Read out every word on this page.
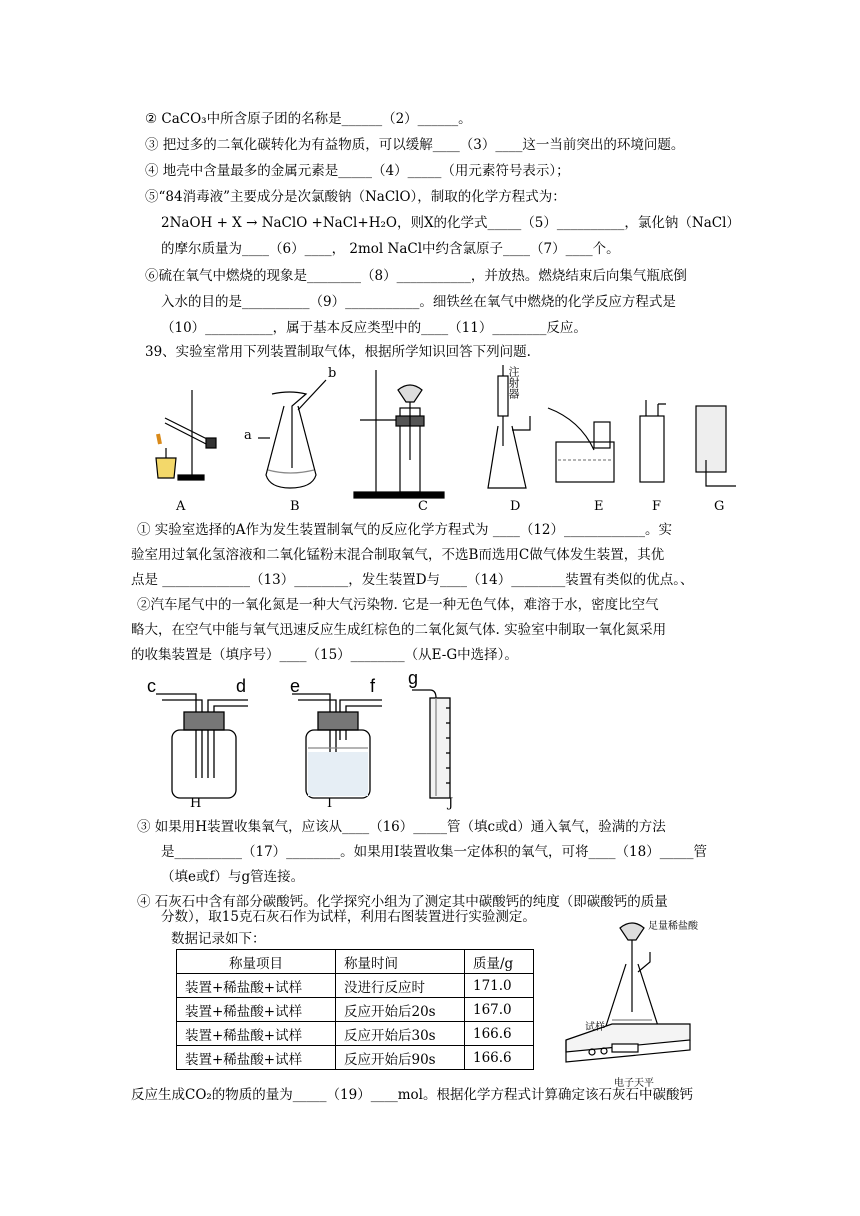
② CaCO₃中所含原子团的名称是______（2）______。
③ 把过多的二氧化碳转化为有益物质，可以缓解____（3）____这一当前突出的环境问题。
④ 地壳中含量最多的金属元素是_____（4）_____（用元素符号表示）；
⑤“84消毒液”主要成分是次氯酸钠（NaClO），制取的化学方程式为：
2NaOH + X → NaClO +NaCl+H₂O，则X的化学式_____（5）__________，氯化钠（NaCl）
的摩尔质量为____（6）____， 2mol NaCl中约含氯原子____（7）____个。
⑥硫在氧气中燃烧的现象是________（8）___________，并放热。燃烧结束后向集气瓶底倒
入水的目的是__________（9）___________。细铁丝在氧气中燃烧的化学反应方程式是
（10）__________，属于基本反应类型中的____（11）________反应。
39、实验室常用下列装置制取气体，根据所学知识回答下列问题.
注射器
a
b
A	B	C	D	E	F	G
① 实验室选择的A作为发生装置制氧气的反应化学方程式为 ____（12）____________。实
验室用过氧化氢溶液和二氧化锰粉末混合制取氧气，不选B而选用C做气体发生装置，其优
点是 _____________（13）________，发生装置D与____（14）________装置有类似的优点。、
②汽车尾气中的一氧化氮是一种大气污染物. 它是一种无色气体，难溶于水，密度比空气
略大，在空气中能与氧气迅速反应生成红棕色的二氧化氮气体. 实验室中制取一氧化氮采用
的收集装置是（填序号）____（15）________（从E-G中选择）。
c	d e	f g
H	I	J
③ 如果用H装置收集氧气，应该从____（16）_____管（填c或d）通入氧气，验满的方法
是__________（17）________。如果用I装置收集一定体积的氧气，可将____（18）_____管
（填e或f）与g管连接。
④ 石灰石中含有部分碳酸钙。化学探究小组为了测定其中碳酸钙的纯度（即碳酸钙的质量
分数），取15克石灰石作为试样，利用右图装置进行实验测定。
数据记录如下：
称量项目	称量时间	质量/g
装置+稀盐酸+试样	没进行反应时	171.0
装置+稀盐酸+试样	反应开始后20s	167.0
装置+稀盐酸+试样	反应开始后30s	166.6
装置+稀盐酸+试样	反应开始后90s	166.6
足量稀盐酸
试样
电子天平
反应生成CO₂的物质的量为_____（19）____mol。根据化学方程式计算确定该石灰石中碳酸钙
